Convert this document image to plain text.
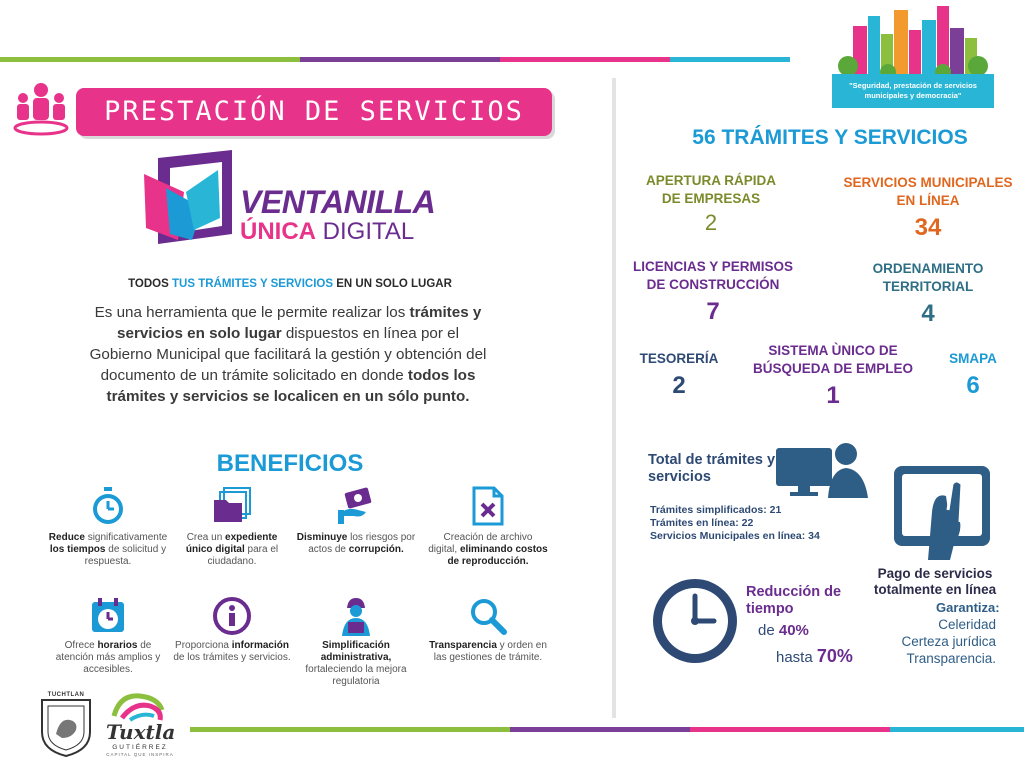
"Seguridad, prestación de servicios municipales y democracia"
PRESTACIÓN DE SERVICIOS
VENTANILLA
ÚNICA DIGITAL
TODOS TUS TRÁMITES Y SERVICIOS EN UN SOLO LUGAR
Es una herramienta que le permite realizar los trámites y servicios en solo lugar dispuestos en línea por el Gobierno Municipal que facilitará la gestión y obtención del documento de un trámite solicitado en donde todos los trámites y servicios se localicen en un sólo punto.
BENEFICIOS
Reduce significativamente los tiempos de solicitud y respuesta.
Crea un expediente único digital para el ciudadano.
Disminuye los riesgos por actos de corrupción.
Creación de archivo digital, eliminando costos de reproducción.
Ofrece horarios de atención más amplios y accesibles.
Proporciona información de los trámites y servicios.
Simplificación administrativa, fortaleciendo la mejora regulatoria
Transparencia y orden en las gestiones de trámite.
56 TRÁMITES Y SERVICIOS
APERTURA RÁPIDA DE EMPRESAS
2
SERVICIOS MUNICIPALES EN LÍNEA
34
LICENCIAS Y PERMISOS DE CONSTRUCCIÓN
7
ORDENAMIENTO TERRITORIAL
4
TESORERÍA
2
SISTEMA ÙNICO DE BÚSQUEDA DE EMPLEO
1
SMAPA
6
Total de trámites y servicios
Trámites simplificados: 21
Trámites en línea: 22
Servicios Municipales en línea: 34
Pago de servicios totalmente en línea
Garantiza:
Celeridad
Certeza jurídica
Transparencia.
Reducción de tiempo
de 40%
hasta 70%
TUCHTLAN
Tuxtla
GUTIÉRREZ
CAPITAL QUE INSPIRA
